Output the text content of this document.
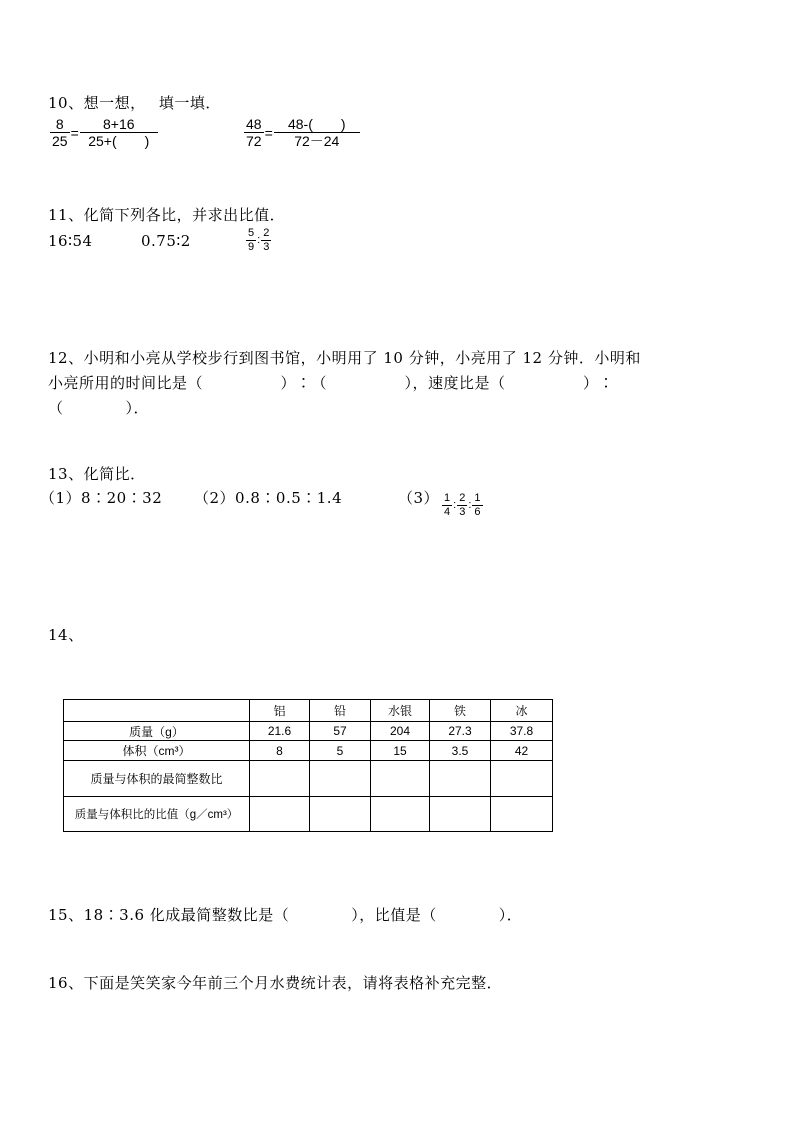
10、想一想，　 填一填．
$\frac{8}{25} = \frac{8+16}{25+( )}$	$\frac{48}{72} = \frac{48-( )}{72-24}$
11、化简下列各比，并求出比值．
16∶54	0.75∶2	$\frac{5}{9}$ : $\frac{2}{3}$
12、小明和小亮从学校步行到图书馆，小明用了 10 分钟，小亮用了 12 分钟．小明和
小亮所用的时间比是（　　　　　）∶（　　　　　），速度比是（　　　　　）∶
（　　　　）．
13、化简比．
（1）8∶20∶32 （2）0.8∶0.5∶1.4	$(3) \frac{1}{4}$ : $\frac{2}{3}$ : $\frac{1}{6}$
14、
	铝	铅	水银	铁	冰
质量（g）	21.6	57	204	27.3	37.8
体积（cm³）	8	5	15	3.5	42
质量与体积的最简整数比					
质量与体积比的比值（g／cm³）					
15、18∶3.6 化成最简整数比是（　　　　），比值是（　　　　）．
16、下面是笑笑家今年前三个月水费统计表，请将表格补充完整．
